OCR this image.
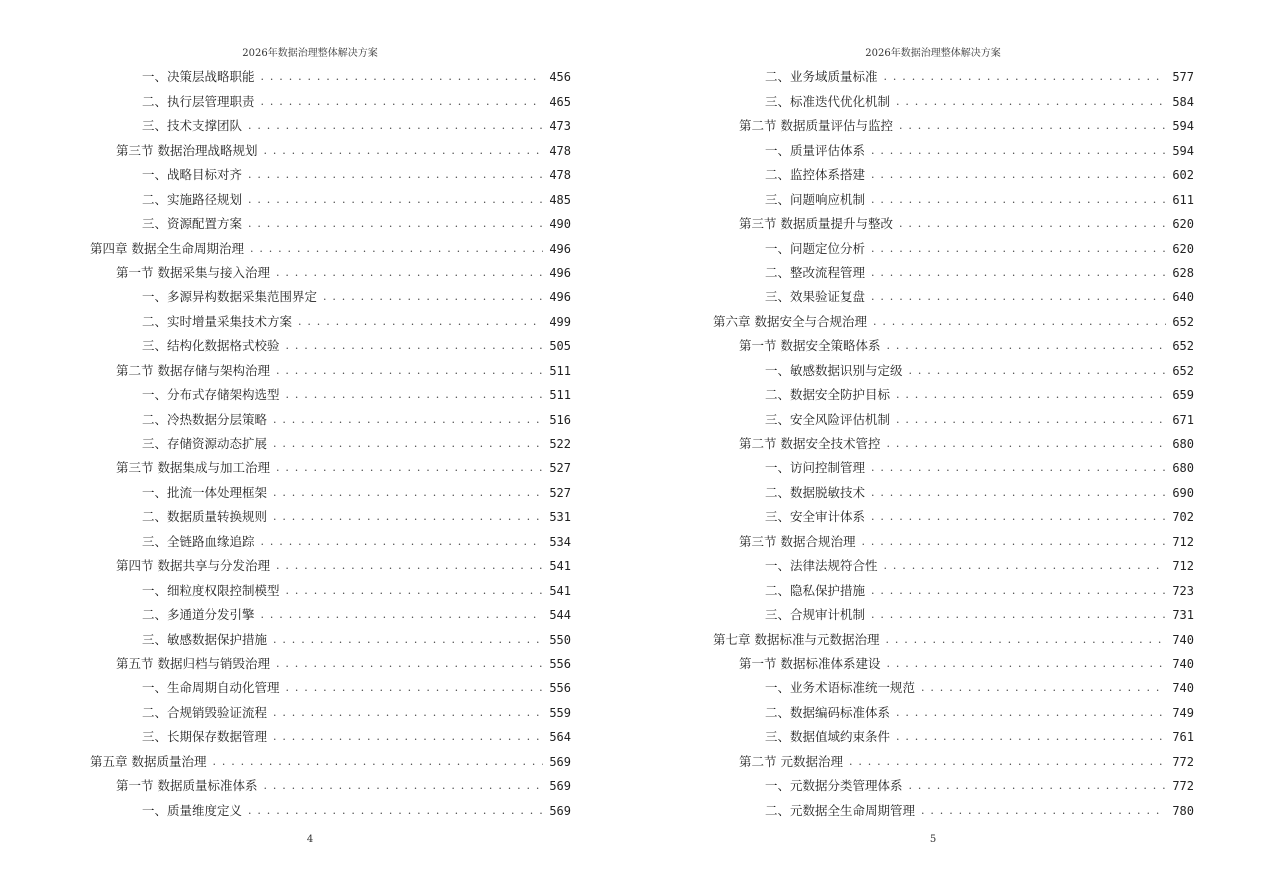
2026年数据治理整体解决方案
一、决策层战略职能 . . .	456
二、执行层管理职责 . . .	465
三、技术支撑团队 . . .	473
第三节 数据治理战略规划 . . .	478
一、战略目标对齐 . . .	478
二、实施路径规划 . . .	485
三、资源配置方案 . . .	490
第四章 数据全生命周期治理 . . .	496
第一节 数据采集与接入治理 . . .	496
一、多源异构数据采集范围界定 . . .	496
二、实时增量采集技术方案 . . .	499
三、结构化数据格式校验 . . .	505
第二节 数据存储与架构治理 . . .	511
一、分布式存储架构选型 . . .	511
二、冷热数据分层策略 . . .	516
三、存储资源动态扩展 . . .	522
第三节 数据集成与加工治理 . . .	527
一、批流一体处理框架 . . .	527
二、数据质量转换规则 . . .	531
三、全链路血缘追踪 . . .	534
第四节 数据共享与分发治理 . . .	541
一、细粒度权限控制模型 . . .	541
二、多通道分发引擎 . . .	544
三、敏感数据保护措施 . . .	550
第五节 数据归档与销毁治理 . . .	556
一、生命周期自动化管理 . . .	556
二、合规销毁验证流程 . . .	559
三、长期保存数据管理 . . .	564
第五章 数据质量治理 . . .	569
第一节 数据质量标准体系 . . .	569
一、质量维度定义 . . .	569
4
2026年数据治理整体解决方案
二、业务域质量标准 . . .	577
三、标准迭代优化机制 . . .	584
第二节 数据质量评估与监控 . . .	594
一、质量评估体系 . . .	594
二、监控体系搭建 . . .	602
三、问题响应机制 . . .	611
第三节 数据质量提升与整改 . . .	620
一、问题定位分析 . . .	620
二、整改流程管理 . . .	628
三、效果验证复盘 . . .	640
第六章 数据安全与合规治理 . . .	652
第一节 数据安全策略体系 . . .	652
一、敏感数据识别与定级 . . .	652
二、数据安全防护目标 . . .	659
三、安全风险评估机制 . . .	671
第二节 数据安全技术管控 . . .	680
一、访问控制管理 . . .	680
二、数据脱敏技术 . . .	690
三、安全审计体系 . . .	702
第三节 数据合规治理 . . .	712
一、法律法规符合性 . . .	712
二、隐私保护措施 . . .	723
三、合规审计机制 . . .	731
第七章 数据标准与元数据治理 . . .	740
第一节 数据标准体系建设 . . .	740
一、业务术语标准统一规范 . . .	740
二、数据编码标准体系 . . .	749
三、数据值域约束条件 . . .	761
第二节 元数据治理 . . .	772
一、元数据分类管理体系 . . .	772
二、元数据全生命周期管理 . . .	780
5
